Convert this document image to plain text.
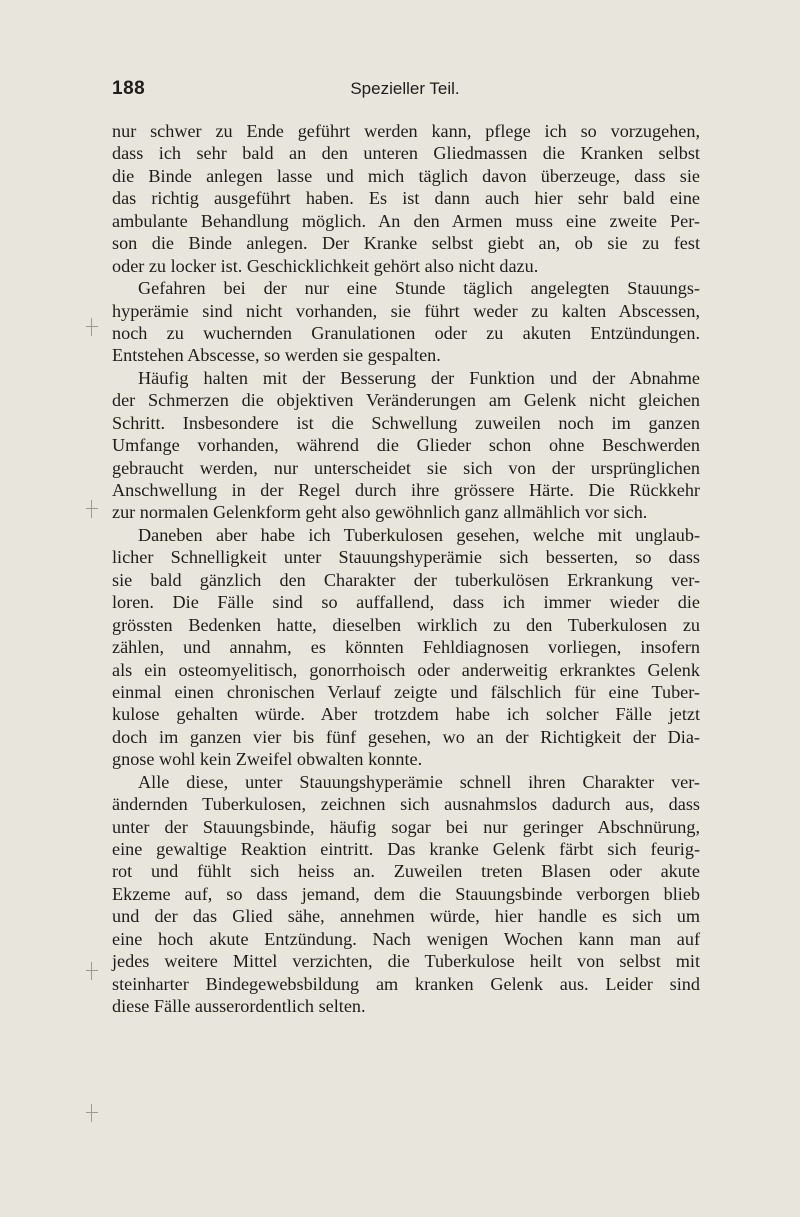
188	Spezieller Teil.
nur schwer zu Ende geführt werden kann, pflege ich so vorzugehen,
dass ich sehr bald an den unteren Gliedmassen die Kranken selbst
die Binde anlegen lasse und mich täglich davon überzeuge, dass sie
das richtig ausgeführt haben. Es ist dann auch hier sehr bald eine
ambulante Behandlung möglich. An den Armen muss eine zweite Per-
son die Binde anlegen. Der Kranke selbst giebt an, ob sie zu fest
oder zu locker ist. Geschicklichkeit gehört also nicht dazu.
Gefahren bei der nur eine Stunde täglich angelegten Stauungs-
hyperämie sind nicht vorhanden, sie führt weder zu kalten Abscessen,
noch zu wuchernden Granulationen oder zu akuten Entzündungen.
Entstehen Abscesse, so werden sie gespalten.
Häufig halten mit der Besserung der Funktion und der Abnahme
der Schmerzen die objektiven Veränderungen am Gelenk nicht gleichen
Schritt. Insbesondere ist die Schwellung zuweilen noch im ganzen
Umfange vorhanden, während die Glieder schon ohne Beschwerden
gebraucht werden, nur unterscheidet sie sich von der ursprünglichen
Anschwellung in der Regel durch ihre grössere Härte. Die Rückkehr
zur normalen Gelenkform geht also gewöhnlich ganz allmählich vor sich.
Daneben aber habe ich Tuberkulosen gesehen, welche mit unglaub-
licher Schnelligkeit unter Stauungshyperämie sich besserten, so dass
sie bald gänzlich den Charakter der tuberkulösen Erkrankung ver-
loren. Die Fälle sind so auffallend, dass ich immer wieder die
grössten Bedenken hatte, dieselben wirklich zu den Tuberkulosen zu
zählen, und annahm, es könnten Fehldiagnosen vorliegen, insofern
als ein osteomyelitisch, gonorrhoisch oder anderweitig erkranktes Gelenk
einmal einen chronischen Verlauf zeigte und fälschlich für eine Tuber-
kulose gehalten würde. Aber trotzdem habe ich solcher Fälle jetzt
doch im ganzen vier bis fünf gesehen, wo an der Richtigkeit der Dia-
gnose wohl kein Zweifel obwalten konnte.
Alle diese, unter Stauungshyperämie schnell ihren Charakter ver-
ändernden Tuberkulosen, zeichnen sich ausnahmslos dadurch aus, dass
unter der Stauungsbinde, häufig sogar bei nur geringer Abschnürung,
eine gewaltige Reaktion eintritt. Das kranke Gelenk färbt sich feurig-
rot und fühlt sich heiss an. Zuweilen treten Blasen oder akute
Ekzeme auf, so dass jemand, dem die Stauungsbinde verborgen blieb
und der das Glied sähe, annehmen würde, hier handle es sich um
eine hoch akute Entzündung. Nach wenigen Wochen kann man auf
jedes weitere Mittel verzichten, die Tuberkulose heilt von selbst mit
steinharter Bindegewebsbildung am kranken Gelenk aus. Leider sind
diese Fälle ausserordentlich selten.
